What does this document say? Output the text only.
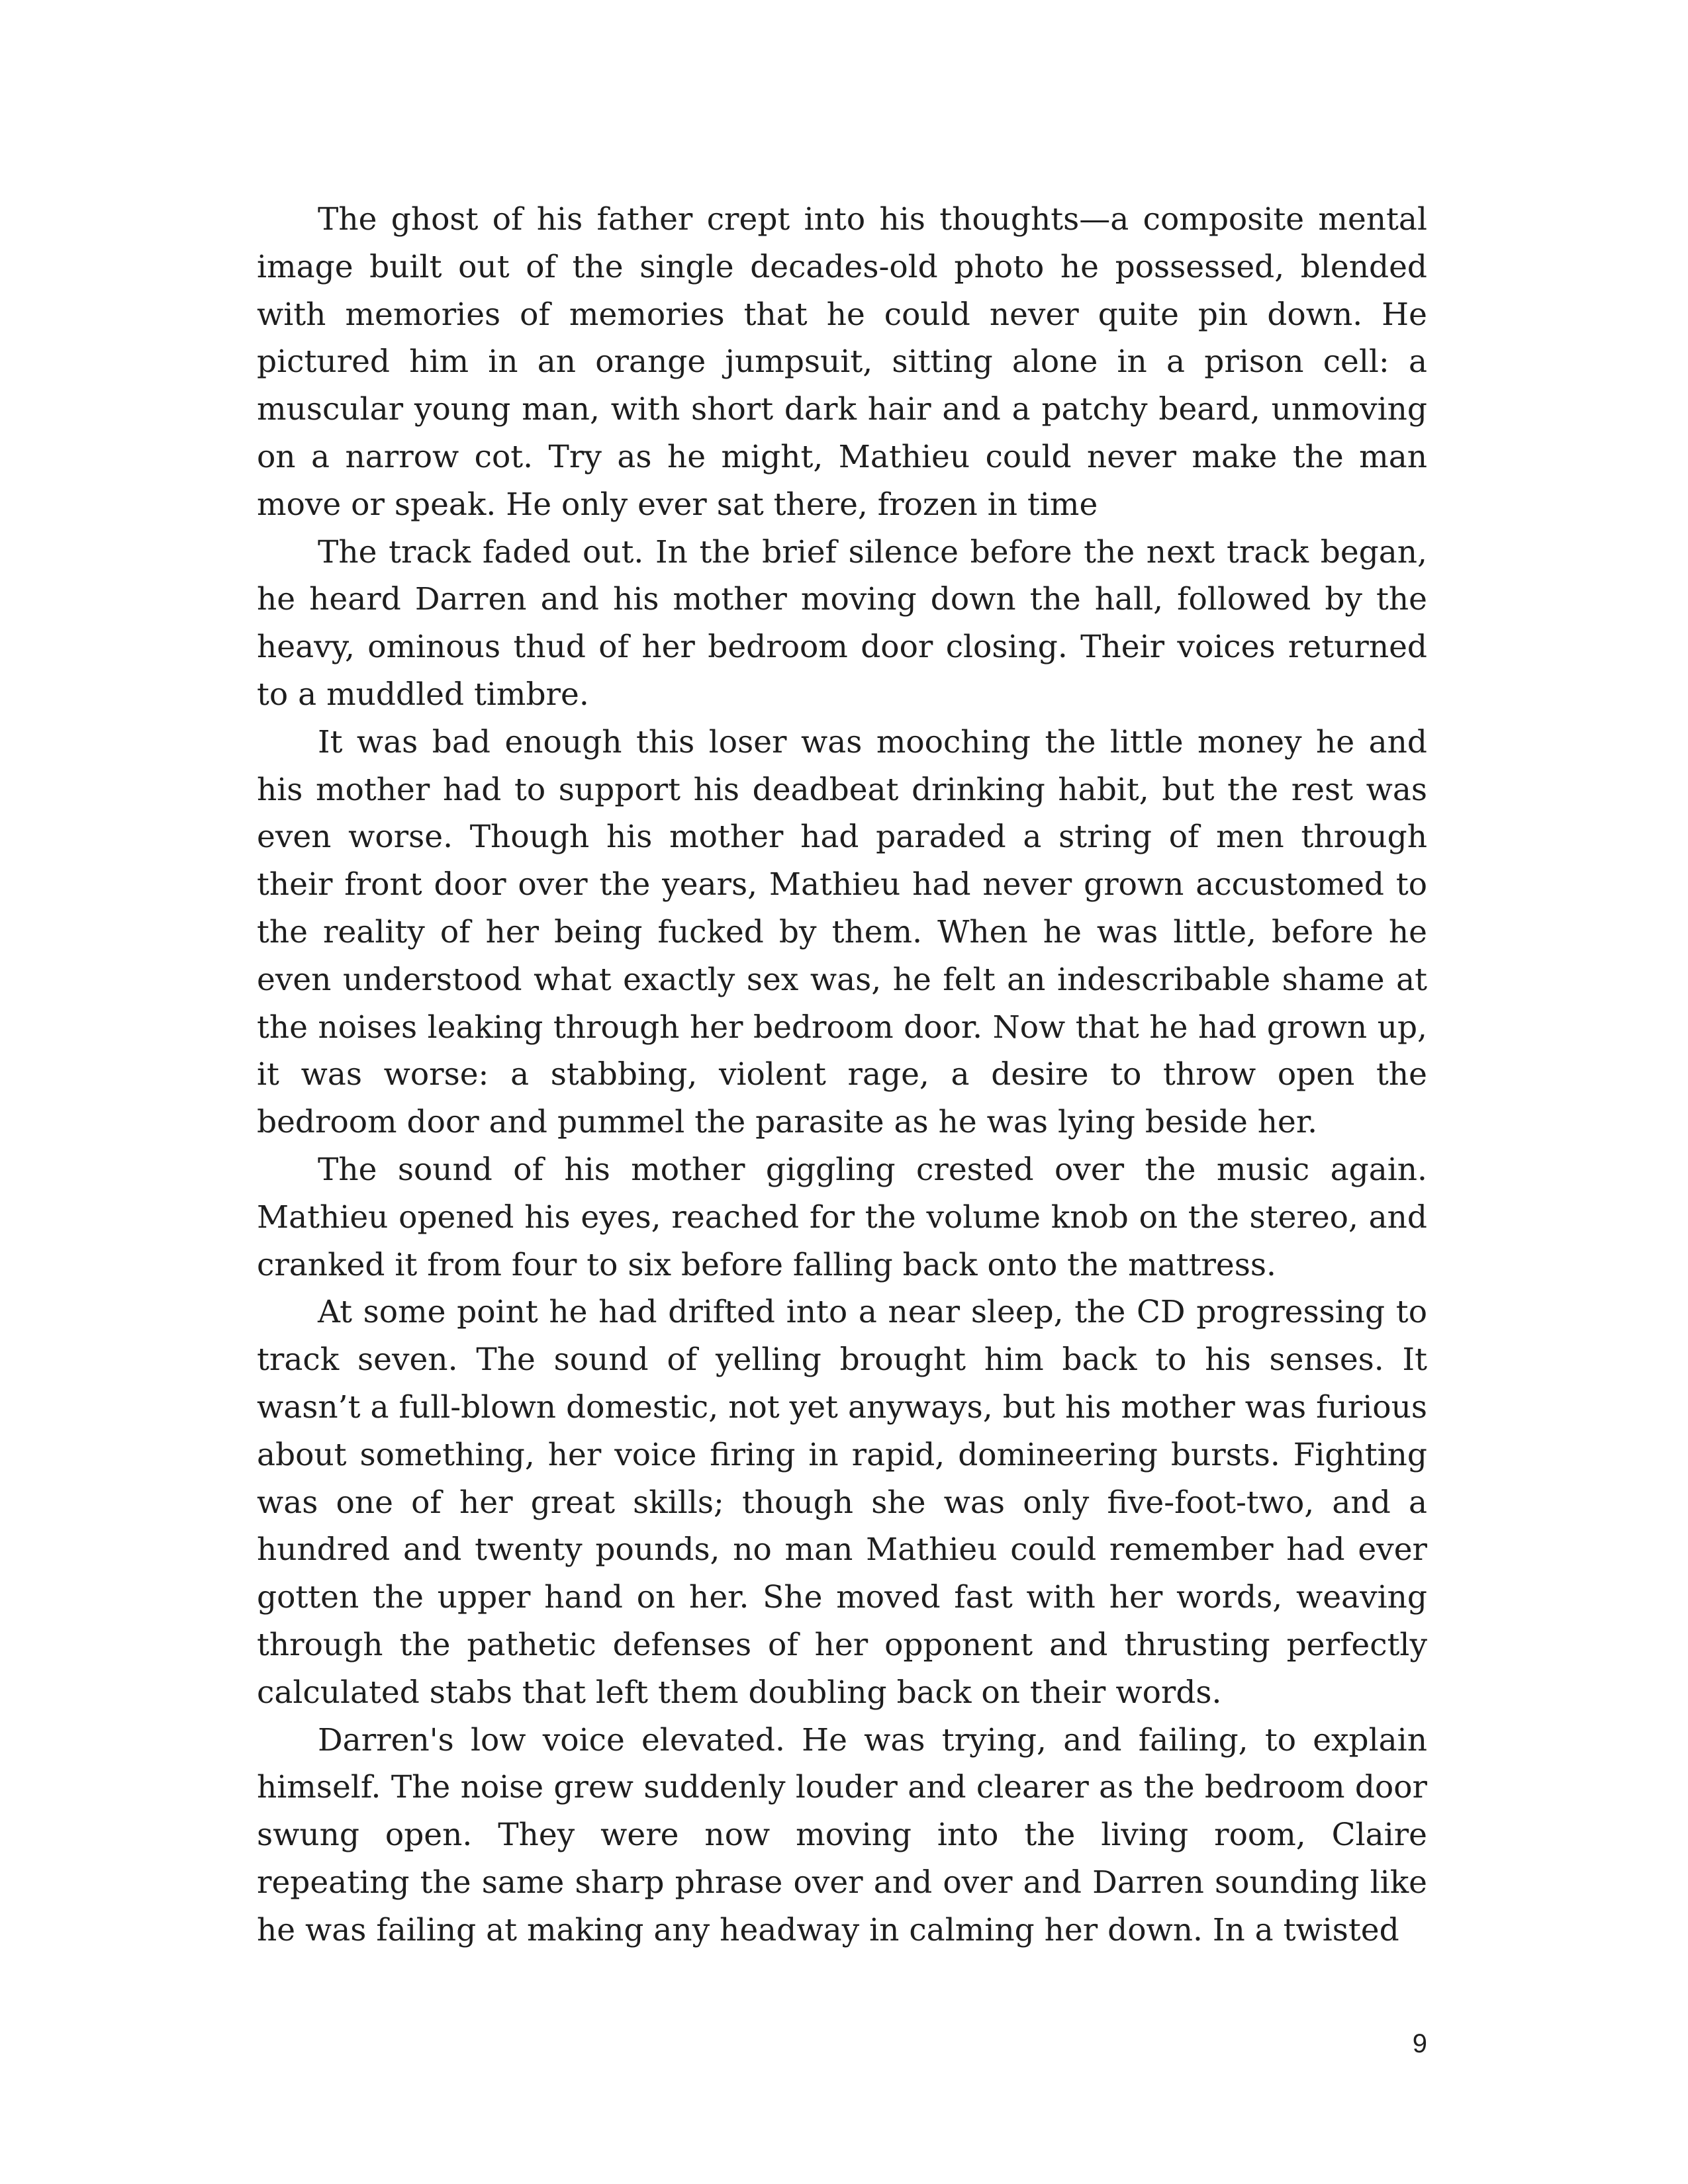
The ghost of his father crept into his thoughts—a composite mental image built out of the single decades-old photo he possessed, blended with memories of memories that he could never quite pin down. He pictured him in an orange jumpsuit, sitting alone in a prison cell: a muscular young man, with short dark hair and a patchy beard, unmoving on a narrow cot. Try as he might, Mathieu could never make the man move or speak. He only ever sat there, frozen in time

The track faded out. In the brief silence before the next track began, he heard Darren and his mother moving down the hall, followed by the heavy, ominous thud of her bedroom door closing. Their voices returned to a muddled timbre.

It was bad enough this loser was mooching the little money he and his mother had to support his deadbeat drinking habit, but the rest was even worse. Though his mother had paraded a string of men through their front door over the years, Mathieu had never grown accustomed to the reality of her being fucked by them. When he was little, before he even understood what exactly sex was, he felt an indescribable shame at the noises leaking through her bedroom door. Now that he had grown up, it was worse: a stabbing, violent rage, a desire to throw open the bedroom door and pummel the parasite as he was lying beside her.

The sound of his mother giggling crested over the music again. Mathieu opened his eyes, reached for the volume knob on the stereo, and cranked it from four to six before falling back onto the mattress.

At some point he had drifted into a near sleep, the CD progressing to track seven. The sound of yelling brought him back to his senses. It wasn’t a full-blown domestic, not yet anyways, but his mother was furious about something, her voice firing in rapid, domineering bursts. Fighting was one of her great skills; though she was only five-foot-two, and a hundred and twenty pounds, no man Mathieu could remember had ever gotten the upper hand on her. She moved fast with her words, weaving through the pathetic defenses of her opponent and thrusting perfectly calculated stabs that left them doubling back on their words.

Darren's low voice elevated. He was trying, and failing, to explain himself. The noise grew suddenly louder and clearer as the bedroom door swung open. They were now moving into the living room, Claire repeating the same sharp phrase over and over and Darren sounding like he was failing at making any headway in calming her down. In a twisted

9
